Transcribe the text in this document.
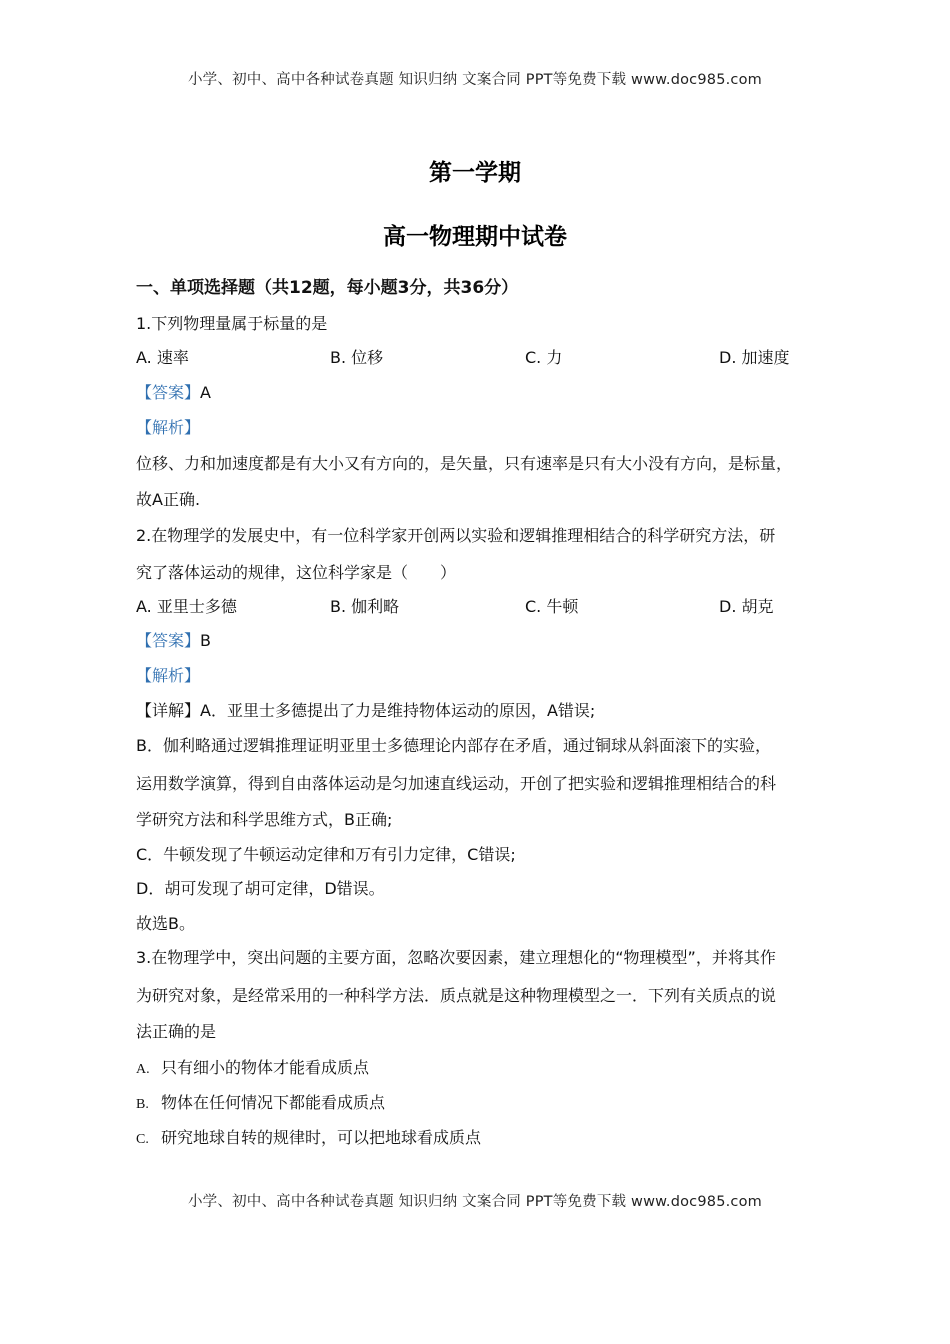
小学、初中、高中各种试卷真题 知识归纳 文案合同 PPT等免费下载 www.doc985.com
第一学期
高一物理期中试卷
一、单项选择题（共12题，每小题3分，共36分）
1.下列物理量属于标量的是
A. 速率	B. 位移	C. 力	D. 加速度
【答案】A
【解析】
位移、力和加速度都是有大小又有方向的，是矢量，只有速率是只有大小没有方向，是标量，
故A正确.
2.在物理学的发展史中，有一位科学家开创两以实验和逻辑推理相结合的科学研究方法，研
究了落体运动的规律，这位科学家是（　　）
A. 亚里士多德	B. 伽利略	C. 牛顿	D. 胡克
【答案】B
【解析】
【详解】A．亚里士多德提出了力是维持物体运动的原因，A错误;
B．伽利略通过逻辑推理证明亚里士多德理论内部存在矛盾，通过铜球从斜面滚下的实验，
运用数学演算，得到自由落体运动是匀加速直线运动，开创了把实验和逻辑推理相结合的科
学研究方法和科学思维方式，B正确;
C．牛顿发现了牛顿运动定律和万有引力定律，C错误;
D．胡可发现了胡可定律，D错误。
故选B。
3.在物理学中，突出问题的主要方面，忽略次要因素，建立理想化的“物理模型”，并将其作
为研究对象，是经常采用的一种科学方法．质点就是这种物理模型之一．下列有关质点的说
法正确的是
A. 只有细小的物体才能看成质点
B. 物体在任何情况下都能看成质点
C. 研究地球自转的规律时，可以把地球看成质点
小学、初中、高中各种试卷真题 知识归纳 文案合同 PPT等免费下载 www.doc985.com
